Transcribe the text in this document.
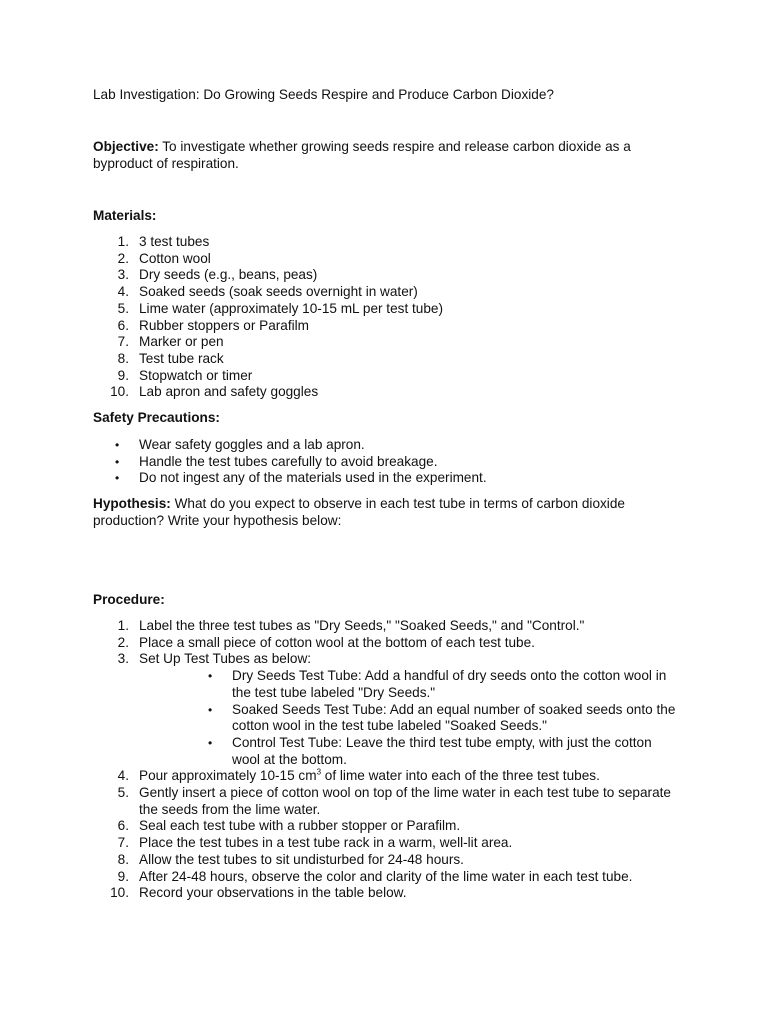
Lab Investigation: Do Growing Seeds Respire and Produce Carbon Dioxide?
Objective: To investigate whether growing seeds respire and release carbon dioxide as a byproduct of respiration.
Materials:
1. 3 test tubes
2. Cotton wool
3. Dry seeds (e.g., beans, peas)
4. Soaked seeds (soak seeds overnight in water)
5. Lime water (approximately 10-15 mL per test tube)
6. Rubber stoppers or Parafilm
7. Marker or pen
8. Test tube rack
9. Stopwatch or timer
10. Lab apron and safety goggles
Safety Precautions:
• Wear safety goggles and a lab apron.
• Handle the test tubes carefully to avoid breakage.
• Do not ingest any of the materials used in the experiment.
Hypothesis: What do you expect to observe in each test tube in terms of carbon dioxide production? Write your hypothesis below:
Procedure:
1. Label the three test tubes as "Dry Seeds," "Soaked Seeds," and "Control."
2. Place a small piece of cotton wool at the bottom of each test tube.
3. Set Up Test Tubes as below:
• Dry Seeds Test Tube: Add a handful of dry seeds onto the cotton wool in the test tube labeled "Dry Seeds."
• Soaked Seeds Test Tube: Add an equal number of soaked seeds onto the cotton wool in the test tube labeled "Soaked Seeds."
• Control Test Tube: Leave the third test tube empty, with just the cotton wool at the bottom.
4. Pour approximately 10-15 $cm^3$ of lime water into each of the three test tubes.
5. Gently insert a piece of cotton wool on top of the lime water in each test tube to separate the seeds from the lime water.
6. Seal each test tube with a rubber stopper or Parafilm.
7. Place the test tubes in a test tube rack in a warm, well-lit area.
8. Allow the test tubes to sit undisturbed for 24-48 hours.
9. After 24-48 hours, observe the color and clarity of the lime water in each test tube.
10. Record your observations in the table below.
